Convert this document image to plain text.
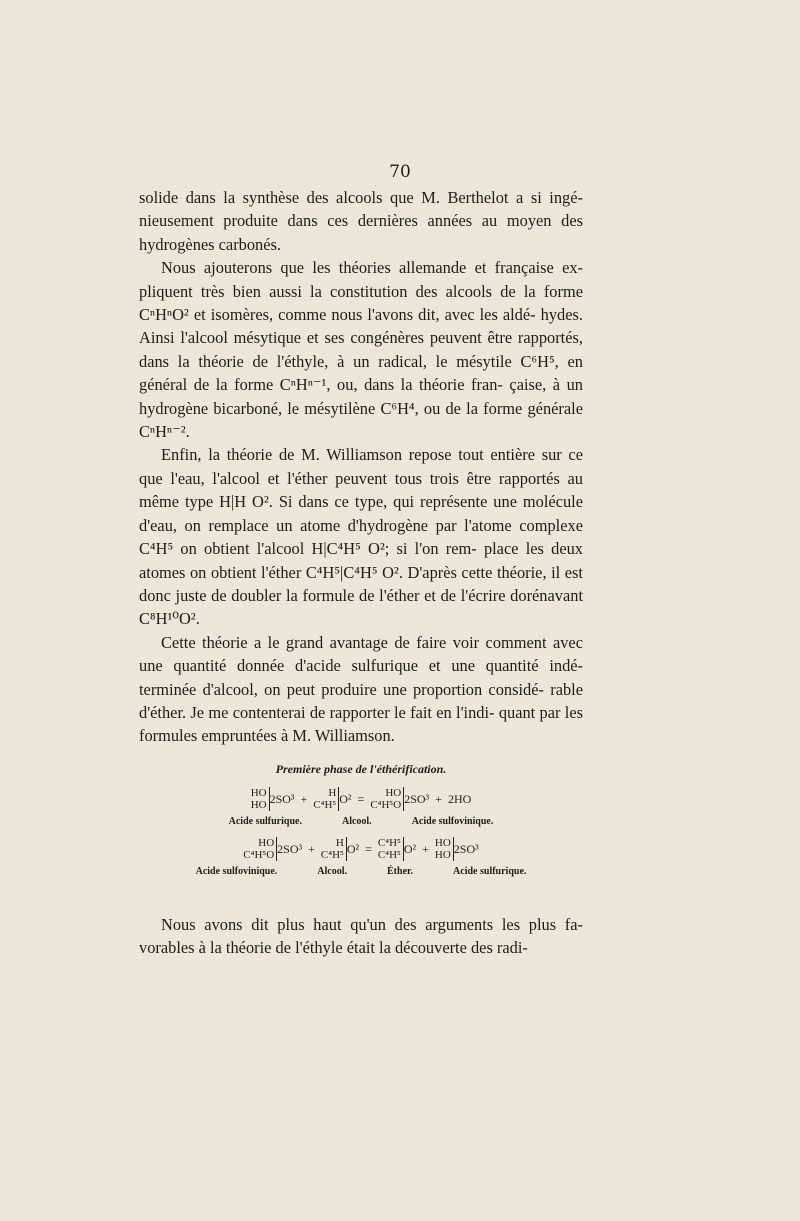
70

solide dans la synthèse des alcools que M. Berthelot a si ingé- nieusement produite dans ces dernières années au moyen des hydrogènes carbonés.

Nous ajouterons que les théories allemande et française ex- pliquent très bien aussi la constitution des alcools de la forme CⁿHⁿO² et isomères, comme nous l'avons dit, avec les aldé- hydes. Ainsi l'alcool mésytique et ses congénères peuvent être rapportés, dans la théorie de l'éthyle, à un radical, le mésytile C⁶H⁵, en général de la forme CⁿHⁿ⁻¹, ou, dans la théorie fran- çaise, à un hydrogène bicarboné, le mésytilène C⁶H⁴, ou de la forme générale CⁿHⁿ⁻².

Enfin, la théorie de M. Williamson repose tout entière sur ce que l'eau, l'alcool et l'éther peuvent tous trois être rapportés au même type H|H O². Si dans ce type, qui représente une molécule d'eau, on remplace un atome d'hydrogène par l'atome complexe C⁴H⁵ on obtient l'alcool H|C⁴H⁵ O²; si l'on rem- place les deux atomes on obtient l'éther C⁴H⁵|C⁴H⁵ O². D'après cette théorie, il est donc juste de doubler la formule de l'éther et de l'écrire dorénavant C⁸H¹⁰O².

Cette théorie a le grand avantage de faire voir comment avec une quantité donnée d'acide sulfurique et une quantité indé- terminée d'alcool, on peut produire une proportion considé- rable d'éther. Je me contenterai de rapporter le fait en l'indi- quant par les formules empruntées à M. Williamson.

Première phase de l'éthérification.
HO
HO 2SO³ +	H
C⁴H⁵ O² =	HO
C⁴H⁵O 2SO³ + 2HO
Acide sulfurique.	Alcool.	Acide sulfovinique.
HO
C⁴H⁵O 2SO³ +	H
C⁴H⁵ O² = C⁴H⁵
C⁴H⁵ O² + HO
HO 2SO³
Acide sulfovinique.	Alcool.	Éther.	Acide sulfurique.
Nous avons dit plus haut qu'un des arguments les plus fa- vorables à la théorie de l'éthyle était la découverte des radi-
